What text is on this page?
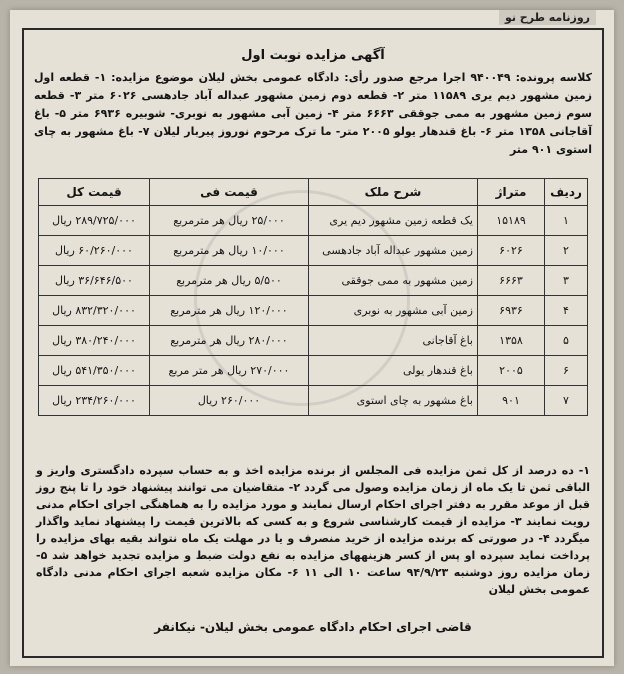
روزنامه طرح نو
آگهی مزایده نوبت اول
کلاسه پرونده: ۹۴۰۰۴۹ اجرا مرجع صدور رأی: دادگاه عمومی بخش لیلان موضوع مزایده: ۱- قطعه اول زمین مشهور دیم یری ۱۱۵۸۹ متر ۲- قطعه دوم زمین مشهور عبداله آباد جادهسی ۶۰۲۶ متر ۳- قطعه سوم زمین مشهور به ممی جوققی ۶۶۶۳ متر ۴- زمین آبی مشهور به نوبری- شوبیره ۶۹۳۶ متر ۵- باغ آقاجانی ۱۳۵۸ متر ۶- باغ قندهار یولو ۲۰۰۵ متر- ما ترک مرحوم نوروز پیربار لیلان ۷- باغ مشهور به چای استوی ۹۰۱ متر
ردیف	متراژ	شرح ملک	قیمت فی	قیمت کل
۱	۱۵۱۸۹	یک قطعه زمین مشهور دیم یری	۲۵/۰۰۰ ریال هر مترمربع	۲۸۹/۷۲۵/۰۰۰ ریال
۲	۶۰۲۶	زمین مشهور عبداله آباد جادهسی	۱۰/۰۰۰ ریال هر مترمربع	۶۰/۲۶۰/۰۰۰ ریال
۳	۶۶۶۳	زمین مشهور به ممی جوققی	۵/۵۰۰ ریال هر مترمربع	۳۶/۶۴۶/۵۰۰ ریال
۴	۶۹۳۶	زمین آبی مشهور به نوبری	۱۲۰/۰۰۰ ریال هر مترمربع	۸۳۲/۳۲۰/۰۰۰ ریال
۵	۱۳۵۸	باغ آقاجانی	۲۸۰/۰۰۰ ریال هر مترمربع	۳۸۰/۲۴۰/۰۰۰ ریال
۶	۲۰۰۵	باغ قندهار یولی	۲۷۰/۰۰۰ ریال هر متر مربع	۵۴۱/۳۵۰/۰۰۰ ریال
۷	۹۰۱	باغ مشهور به چای استوی	۲۶۰/۰۰۰ ریال	۲۳۴/۲۶۰/۰۰۰ ریال
۱- ده درصد از کل ثمن مزایده فی المجلس از برنده مزایده اخذ و به حساب سپرده دادگستری واریز و الباقی ثمن تا یک ماه از زمان مزایده وصول می گردد ۲- متقاضیان می توانند پیشنهاد خود را تا پنج روز قبل از موعد مقرر به دفتر اجرای احکام ارسال نمایند و مورد مزایده را به هماهنگی اجرای احکام مدنی رویت نمایند ۳- مزایده از قیمت کارشناسی شروع و به کسی که بالاترین قیمت را پیشنهاد نماید واگذار میگردد ۴- در صورتی که برنده مزایده از خرید منصرف و یا در مهلت یک ماه نتواند بقیه بهای مزایده را پرداخت نماید سپرده او پس از کسر هزینههای مزایده به نفع دولت ضبط و مزایده تجدید خواهد شد ۵- زمان مزایده روز دوشنبه ۹۴/۹/۲۳ ساعت ۱۰ الی ۱۱ ۶- مکان مزایده شعبه اجرای احکام مدنی دادگاه عمومی بخش لیلان
قاضی اجرای احکام دادگاه عمومی بخش لیلان- نیکانفر
